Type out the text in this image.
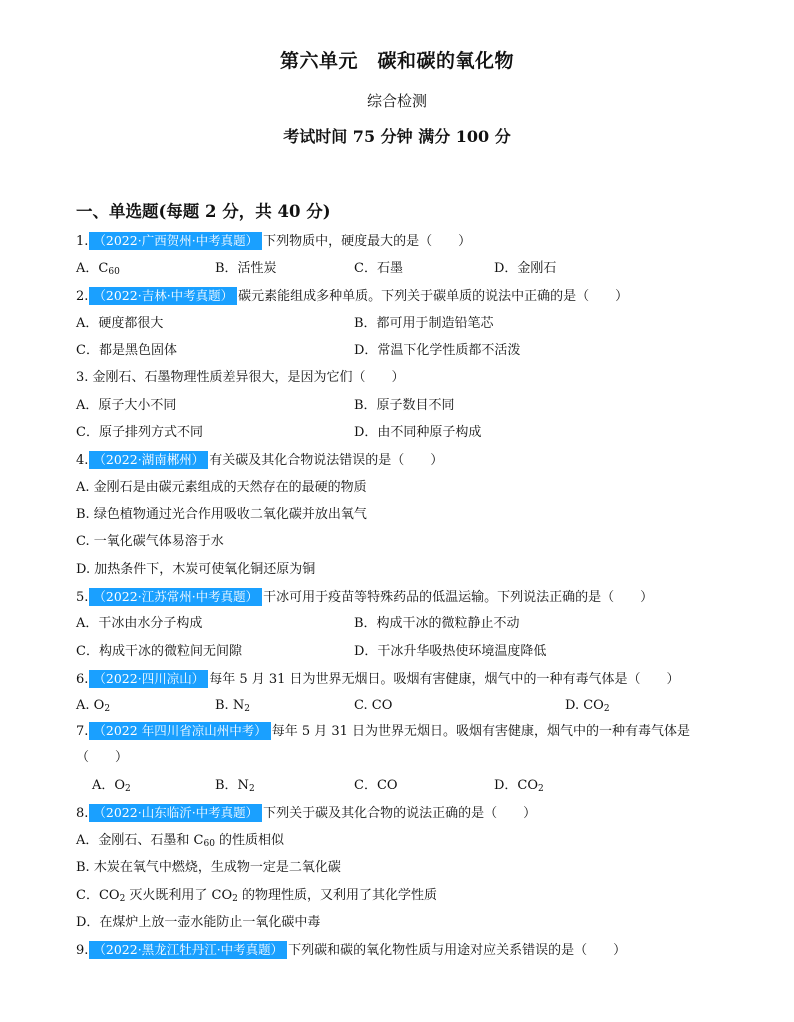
第六单元　碳和碳的氧化物
综合检测
考试时间 75 分钟 满分 100 分
一、单选题(每题 2 分，共 40 分)
1. （2022·广西贺州·中考真题） 下列物质中，硬度最大的是（　　）
A．$C_{60}$	B．活性炭	C．石墨	D．金刚石
2. （2022·吉林·中考真题） 碳元素能组成多种单质。下列关于碳单质的说法中正确的是（　　）
A．硬度都很大	B．都可用于制造铅笔芯
C．都是黑色固体	D．常温下化学性质都不活泼
3. 金刚石、石墨物理性质差异很大，是因为它们（　　）
A．原子大小不同	B．原子数目不同
C．原子排列方式不同	D．由不同种原子构成
4. （2022·湖南郴州） 有关碳及其化合物说法错误的是（　　）
A. 金刚石是由碳元素组成的天然存在的最硬的物质
B. 绿色植物通过光合作用吸收二氧化碳并放出氧气
C. 一氧化碳气体易溶于水
D. 加热条件下，木炭可使氧化铜还原为铜
5. （2022·江苏常州·中考真题） 干冰可用于疫苗等特殊药品的低温运输。下列说法正确的是（　　）
A．干冰由水分子构成	B．构成干冰的微粒静止不动
C．构成干冰的微粒间无间隙	D．干冰升华吸热使环境温度降低
6. （2022·四川凉山） 每年 5 月 31 日为世界无烟日。吸烟有害健康，烟气中的一种有毒气体是（　　）
A. $O_2$	B. $N_2$	C. CO	D. $CO_2$
7. （2022 年四川省凉山州中考） 每年 5 月 31 日为世界无烟日。吸烟有害健康，烟气中的一种有毒气体是
（　　）
A．$O_2$	B．$N_2$	C．CO	D．$CO_2$
8. （2022·山东临沂·中考真题） 下列关于碳及其化合物的说法正确的是（　　）
A．金刚石、石墨和 $C_{60}$ 的性质相似
B. 木炭在氧气中燃烧，生成物一定是二氧化碳
C．$CO_2$ 灭火既利用了 $CO_2$ 的物理性质，又利用了其化学性质
D．在煤炉上放一壶水能防止一氧化碳中毒
9. （2022·黑龙江牡丹江·中考真题） 下列碳和碳的氧化物性质与用途对应关系错误的是（　　）
